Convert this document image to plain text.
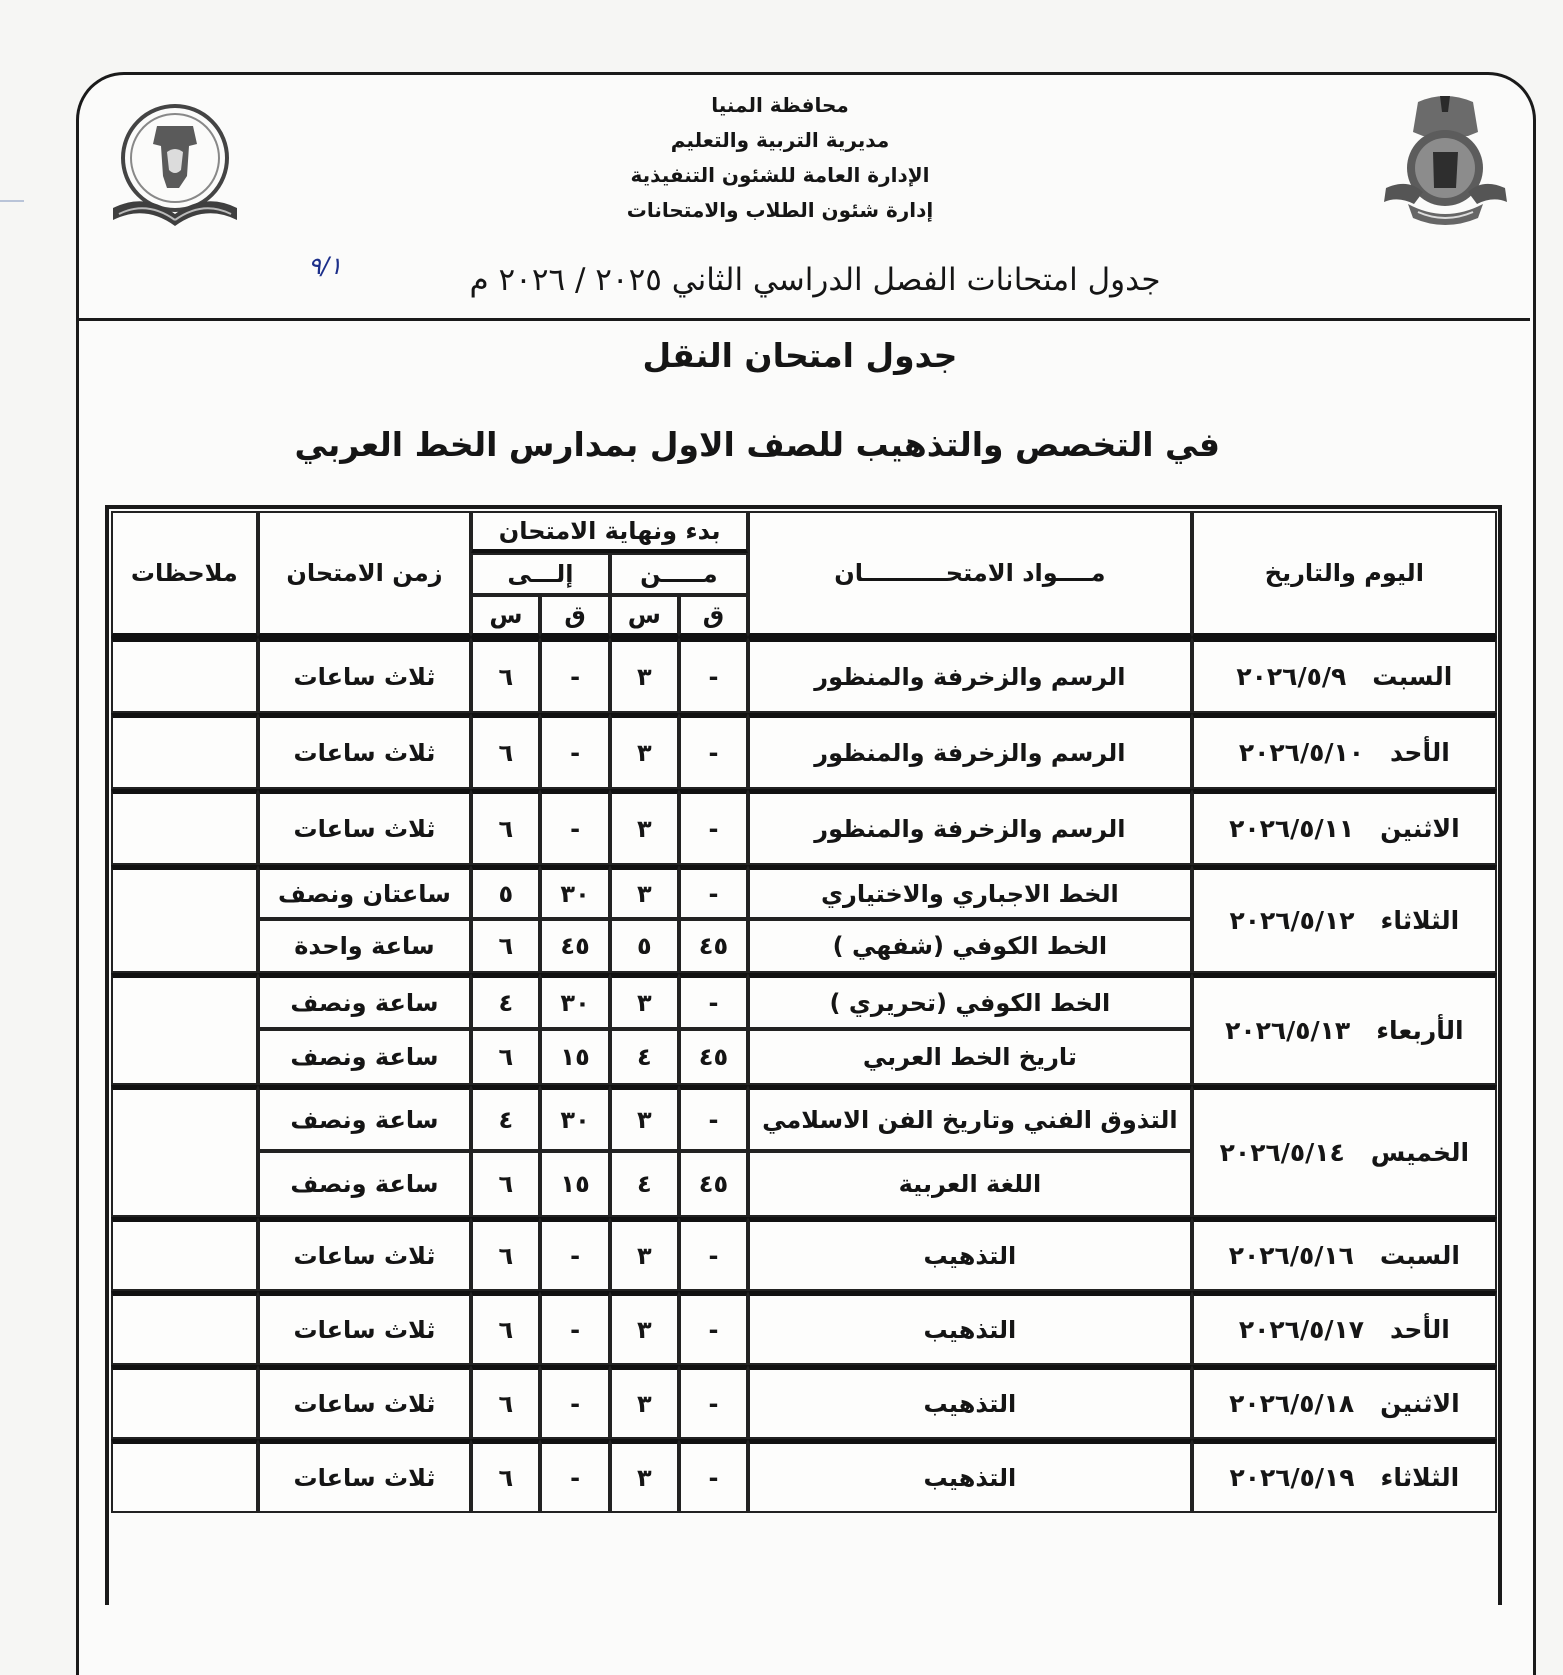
محافظة المنيا
مديرية التربية والتعليم
الإدارة العامة للشئون التنفيذية
إدارة شئون الطلاب والامتحانات
٩/١	جدول امتحانات الفصل الدراسي الثاني ٢٠٢٥ / ٢٠٢٦ م
جدول امتحان النقل
في التخصص والتذهيب للصف الاول بمدارس الخط العربي
اليوم والتاريخ	مــــواد الامتحــــــــــان	بدء ونهاية الامتحان				زمن الامتحان	ملاحظات
		مـــــن		إلـــى			
		ق	س	ق	س		
السبت٢٠٢٦/٥/٩	الرسم والزخرفة والمنظور	-	٣	-	٦	ثلاث ساعات	
الأحد٢٠٢٦/٥/١٠	الرسم والزخرفة والمنظور	-	٣	-	٦	ثلاث ساعات	
الاثنين٢٠٢٦/٥/١١	الرسم والزخرفة والمنظور	-	٣	-	٦	ثلاث ساعات	
الثلاثاء٢٠٢٦/٥/١٢	الخط الاجباري والاختياري	-	٣	٣٠	٥	ساعتان ونصف	
	الخط الكوفي (شفهي )	٤٥	٥	٤٥	٦	ساعة واحدة	
الأربعاء٢٠٢٦/٥/١٣	الخط الكوفي (تحريري )	-	٣	٣٠	٤	ساعة ونصف	
	تاريخ الخط العربي	٤٥	٤	١٥	٦	ساعة ونصف	
الخميس٢٠٢٦/٥/١٤	التذوق الفني وتاريخ الفن الاسلامي	-	٣	٣٠	٤	ساعة ونصف	
	اللغة العربية	٤٥	٤	١٥	٦	ساعة ونصف	
السبت٢٠٢٦/٥/١٦	التذهيب	-	٣	-	٦	ثلاث ساعات	
الأحد٢٠٢٦/٥/١٧	التذهيب	-	٣	-	٦	ثلاث ساعات	
الاثنين٢٠٢٦/٥/١٨	التذهيب	-	٣	-	٦	ثلاث ساعات	
الثلاثاء٢٠٢٦/٥/١٩	التذهيب	-	٣	-	٦	ثلاث ساعات	
